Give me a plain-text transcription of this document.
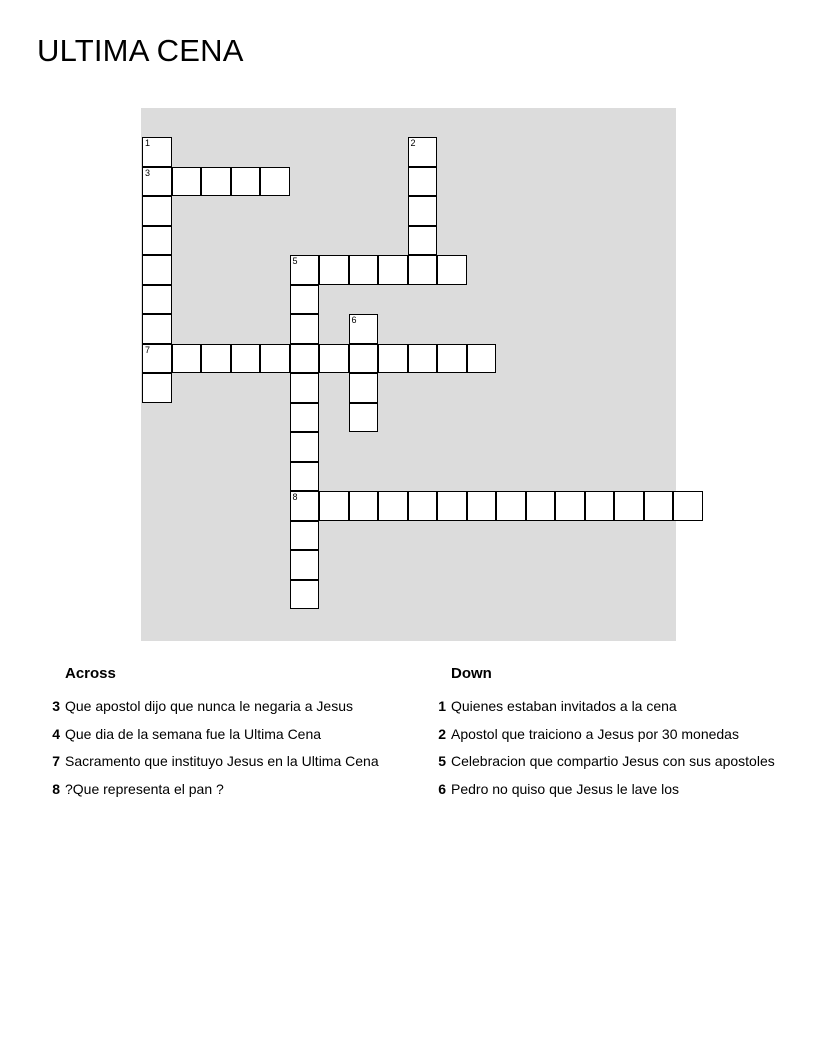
ULTIMA CENA
1
3
7
2
5
8
6
Across
3 Que apostol dijo que nunca le negaria a Jesus
4 Que dia de la semana fue la Ultima Cena
7 Sacramento que instituyo Jesus en la Ultima Cena
8 ?Que representa el pan ?
Down
1 Quienes estaban invitados a la cena
2 Apostol que traiciono a Jesus por 30 monedas
5 Celebracion que compartio Jesus con sus apostoles
6 Pedro no quiso que Jesus le lave los
